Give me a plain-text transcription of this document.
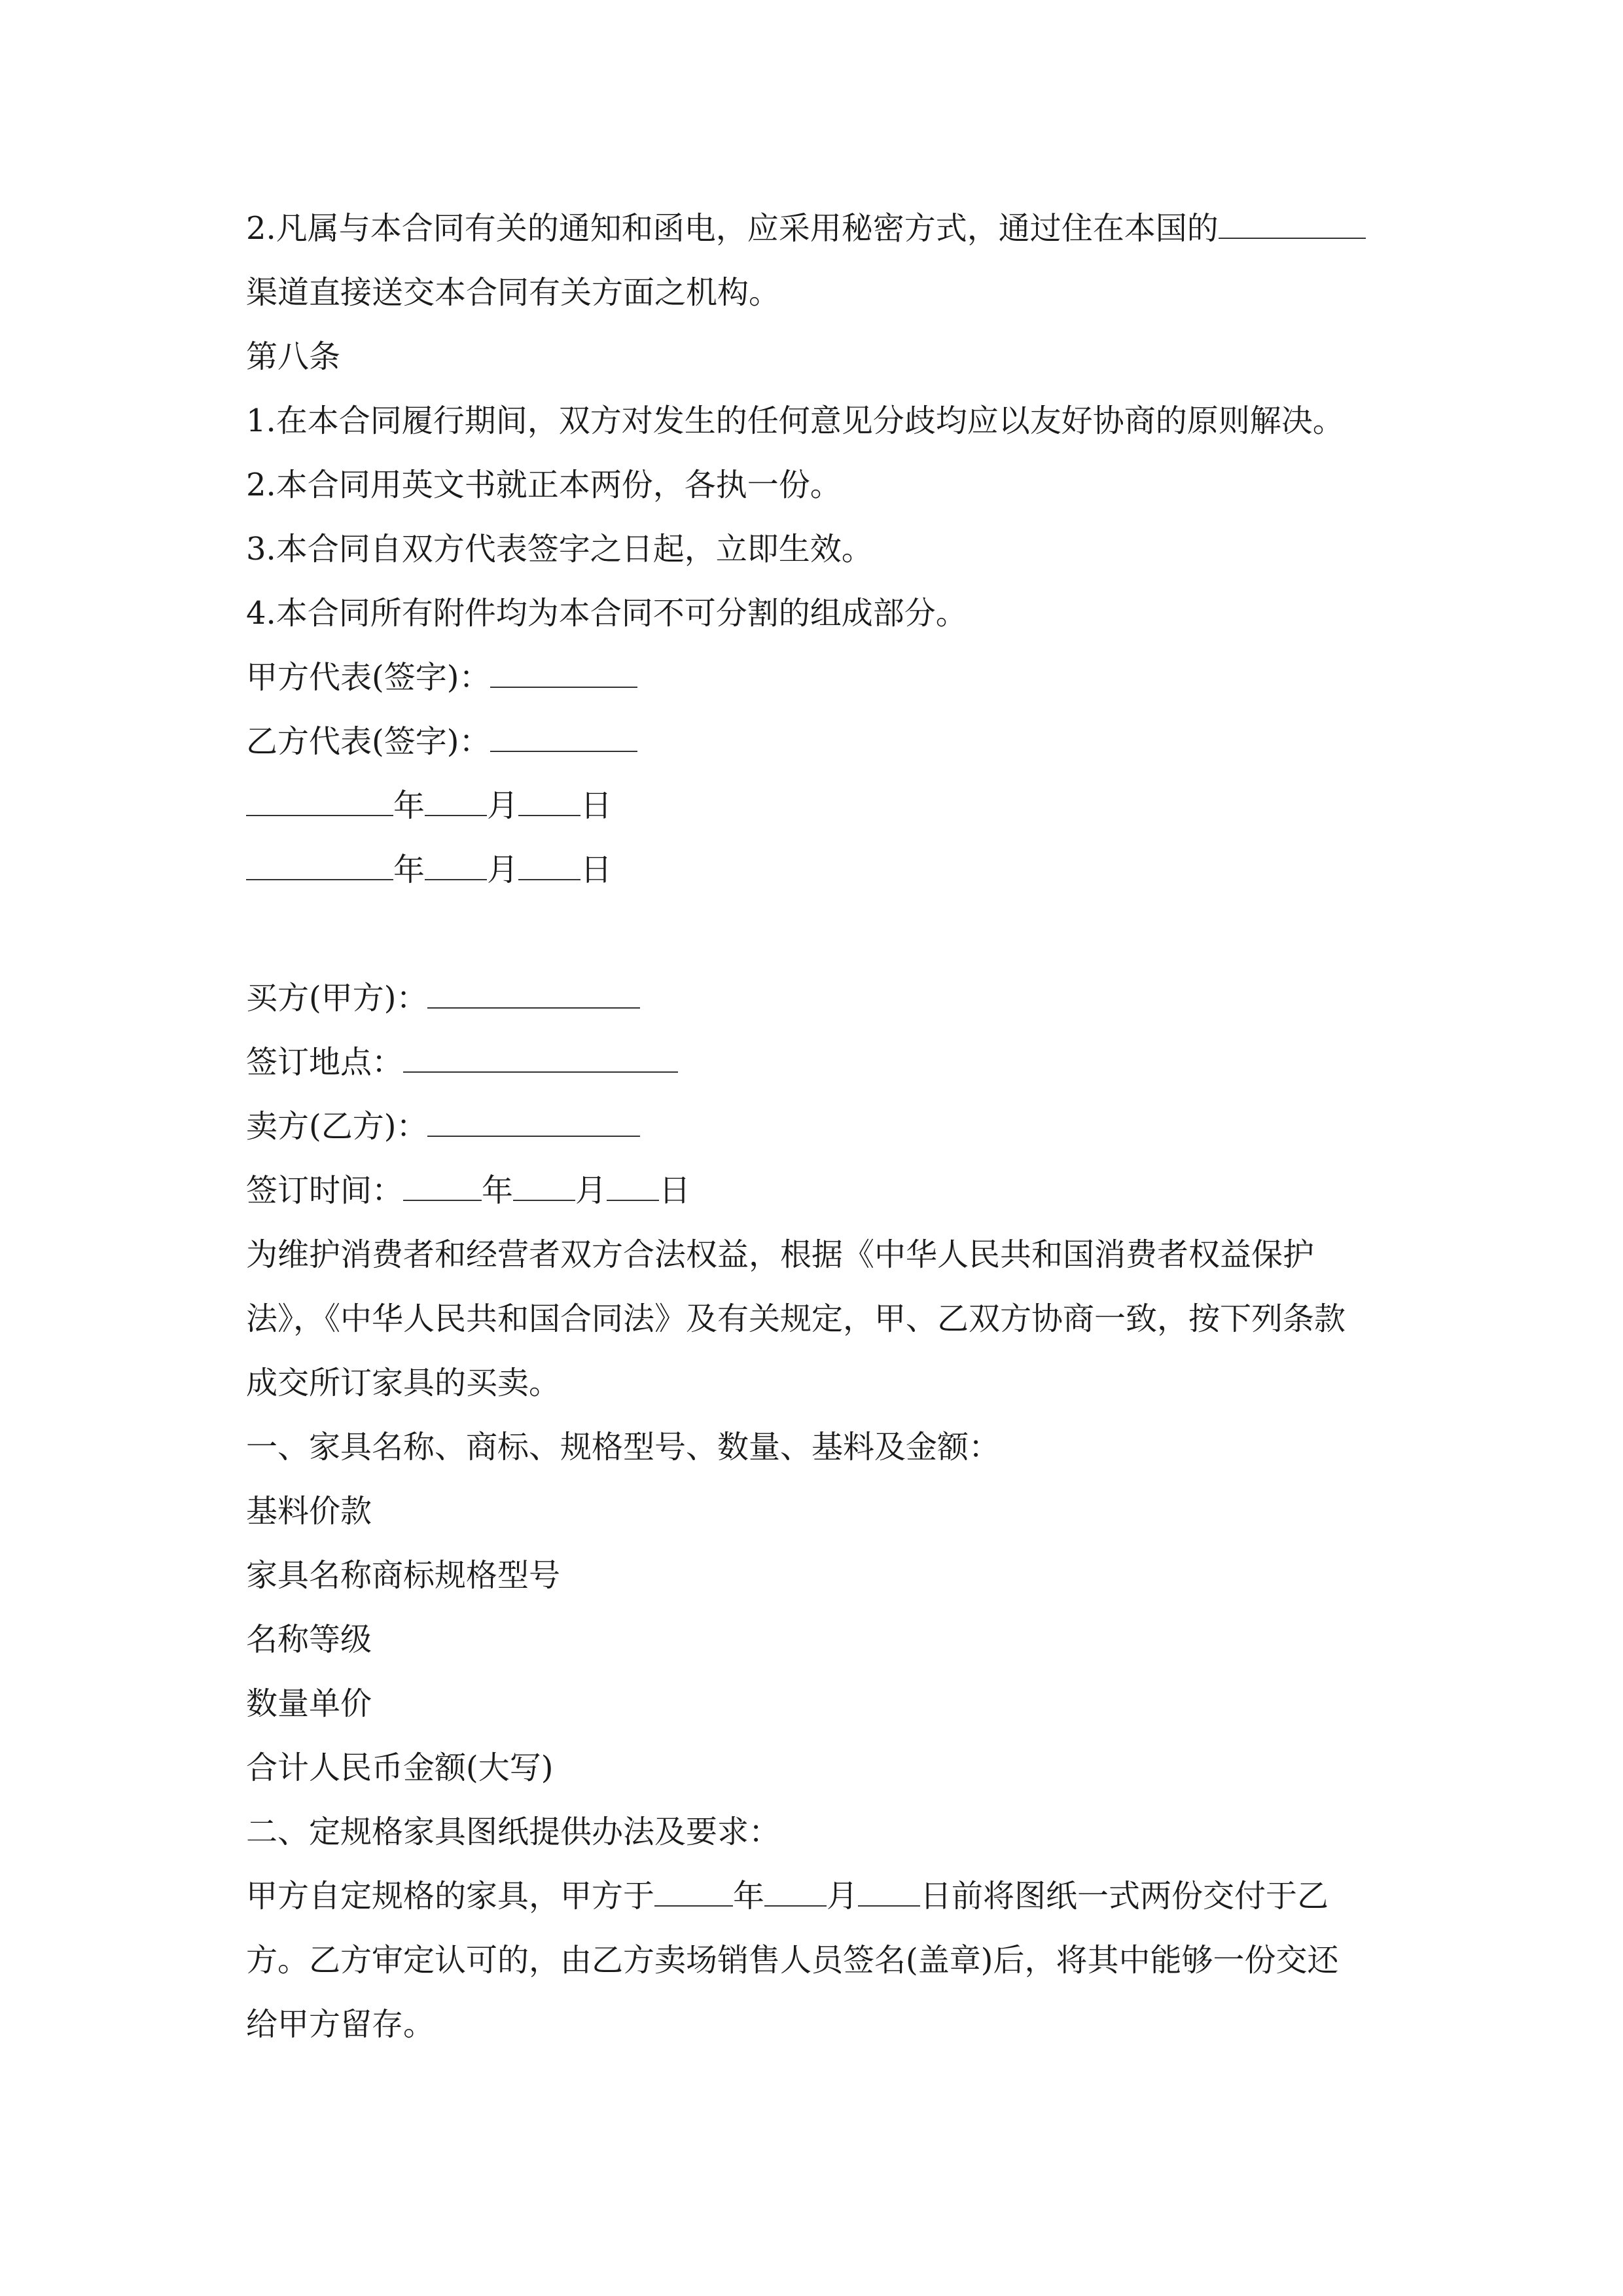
2.凡属与本合同有关的通知和函电，应采用秘密方式，通过住在本国的
渠道直接送交本合同有关方面之机构。
第八条
1.在本合同履行期间，双方对发生的任何意见分歧均应以友好协商的原则解决。
2.本合同用英文书就正本两份，各执一份。
3.本合同自双方代表签字之日起，立即生效。
4.本合同所有附件均为本合同不可分割的组成部分。
甲方代表(签字)：
乙方代表(签字)：
年 月 日
年 月 日
买方(甲方)：
签订地点：
卖方(乙方)：
签订时间：	年 月 日
为维护消费者和经营者双方合法权益，根据《中华人民共和国消费者权益保护
法》，《中华人民共和国合同法》及有关规定，甲、乙双方协商一致，按下列条款
成交所订家具的买卖。
一、家具名称、商标、规格型号、数量、基料及金额：
基料价款
家具名称商标规格型号
名称等级
数量单价
合计人民币金额(大写)
二、定规格家具图纸提供办法及要求：
甲方自定规格的家具，甲方于	年 月 日前将图纸一式两份交付于乙
方。乙方审定认可的，由乙方卖场销售人员签名(盖章)后，将其中能够一份交还
给甲方留存。
